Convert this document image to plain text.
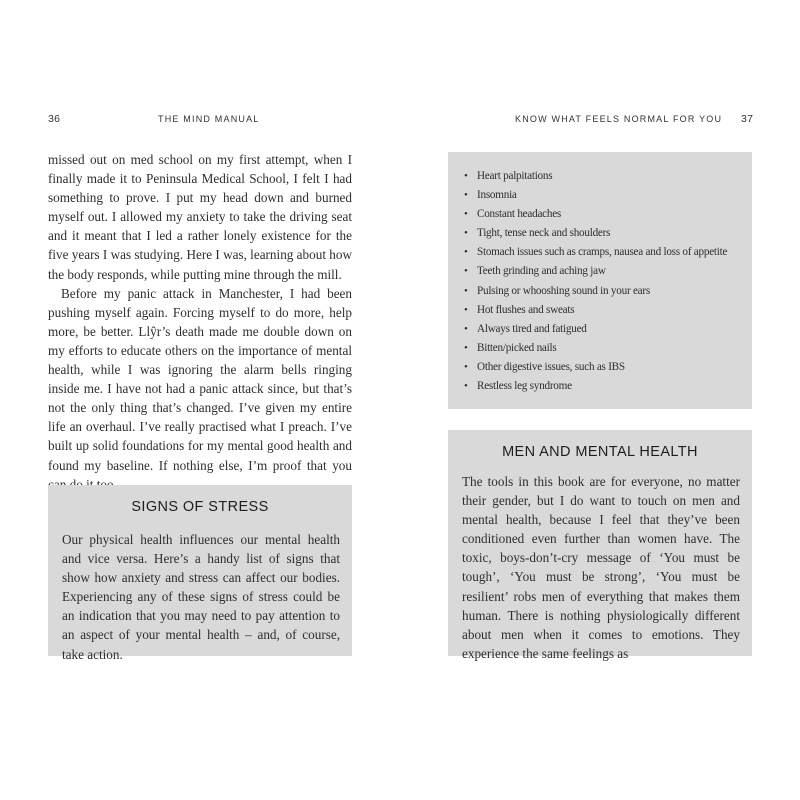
36	THE MIND MANUAL

missed out on med school on my first attempt, when I finally made it to Peninsula Medical School, I felt I had something to prove. I put my head down and burned myself out. I allowed my anxiety to take the driving seat and it meant that I led a rather lonely existence for the five years I was studying. Here I was, learning about how the body responds, while putting mine through the mill.

Before my panic attack in Manchester, I had been pushing myself again. Forcing myself to do more, help more, be better. Llŷr’s death made me double down on my efforts to educate others on the importance of mental health, while I was ignoring the alarm bells ringing inside me. I have not had a panic attack since, but that’s not the only thing that’s changed. I’ve given my entire life an overhaul. I’ve really practised what I preach. I’ve built up solid foundations for my mental good health and found my baseline. If nothing else, I’m proof that you

SIGNS OF STRESS

Our physical health influences our mental health and vice versa. Here’s a handy list of signs that show how anxiety and stress can affect our bodies. Experiencing any of these signs of stress could be an indication that you may need to pay attention to an aspect of your mental health – and, of course, take action.

KNOW WHAT FEELS NORMAL FOR YOU 37
• Heart palpitations
• Insomnia
• Constant headaches
• Tight, tense neck and shoulders
• Stomach issues such as cramps, nausea and loss of appetite
• Teeth grinding and aching jaw
• Pulsing or whooshing sound in your ears
• Hot flushes and sweats
• Always tired and fatigued
• Bitten/picked nails
• Other digestive issues, such as IBS
• Restless leg syndrome
MEN AND MENTAL HEALTH

The tools in this book are for everyone, no matter their gender, but I do want to touch on men and mental health, because I feel that they’ve been conditioned even further than women have. The toxic, boys-don’t-cry message of ‘You must be tough’, ‘You must be strong’, ‘You must be resilient’ robs men of everything that makes them human. There is nothing physiologically different about men when it comes to emotions. They experience the same feelings as
